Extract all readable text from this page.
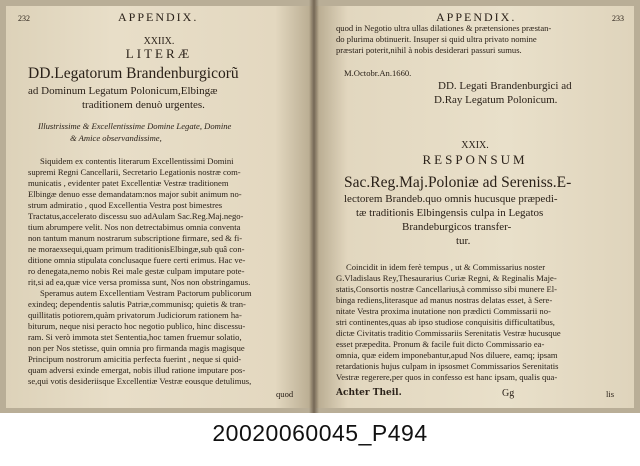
232	APPENDIX.
XXIIX.
LITERÆ
DD.Legatorum Brandenburgicorũ
ad Dominum Legatum Polonicum,Elbingæ
traditionem denuò urgentes.
Illustrissime & Excellentissime Domine Legate, Domine
& Amice observandissime,
Siquidem ex contentis literarum Excellentissimi Domini
supremi Regni Cancellarii, Secretario Legationis nostræ com-
municatis , evidenter patet Excellentiæ Vestræ traditionem
Elbingæ denuo esse demandatam:nos major subit animum no-
strum admiratio , quod Excellentia Vestra post bimestres
Tractatus,accelerato discessu suo adAulam Sac.Reg.Maj.nego-
tium abrumpere velit. Nos non detrectabimus omnia conventa
non tantum manum nostrarum subscriptione firmare, sed & fi-
ne moraexsequi,quam primum traditionisElbingæ,sub quâ con-
ditione omnia stipulata conclusaque fuere certi erimus. Hac ve-
ro denegata,nemo nobis Rei male gestæ culpam imputare pote-
rit,si ad ea,quæ vice versa promissa sunt, Nos non obstringamus.
Speramus autem Excellentiam Vestram Pactorum publicorum
exindeq; dependentis salutis Patriæ,communisq; quietis & tran-
quillitatis potiorem,quàm privatorum Judiciorum rationem ha-
biturum, neque nisi peracto hoc negotio publico, hinc discessu-
ram. Si verò immota stet Sententia,hoc tamen fruemur solatio,
non per Nos stetisse, quin omnia pro firmanda magis magisque
Principum nostrorum amicitia perfecta fuerint , neque si quid-
quam adversi exinde emergat, nobis illud ratione imputare pos-
se,qui votis desideriisque Excellentiæ Vestræ eousque detulimus,
quod
APPENDIX.	233
quod in Negotio ultra ullas dilationes & prætensiones præstan-
do plurima obtinuerit. Insuper si quid ultra privato nomine
præstari poterit,nihil à nobis desiderari passuri sumus.
M.Octobr.An.1660.
DD. Legati Brandenburgici ad
D.Ray Legatum Polonicum.
XXIX.
RESPONSUM
Sac.Reg.Maj.Poloniæ ad Sereniss.E-
lectorem Brandeb.quo omnis hucusque præpedi-
tæ traditionis Elbingensis culpa in Legatos
Brandeburgicos transfer-
tur.
Coincidit in idem ferè tempus , ut & Commissarius noster
G.Vladislaus Rey,Thesaurarius Curiæ Regni, & Reginalis Maje-
statis,Consortis nostræ Cancellarius,à commisso sibi munere El-
binga rediens,literasque ad manus nostras delatas esset, à Sere-
nitate Vestra proxima inutatione non prædicti Commissarii no-
stri continentes,quas ab ipso studiose conquisitis difficultatibus,
dictæ Civitatis traditio Commissariis Serenitatis Vestræ hucusque
esset præpedita. Pronum & facile fuit dicto Commissario ea-
omnia, quæ eidem imponebantur,apud Nos diluere, eamq; ipsam
retardationis hujus culpam in ipsosmet Commissarios Serenitatis
Vestræ regerere,per quos in confesso est hanc ipsam, qualis qua-
Achter Theil.	Gg	lis
20020060045_P494
